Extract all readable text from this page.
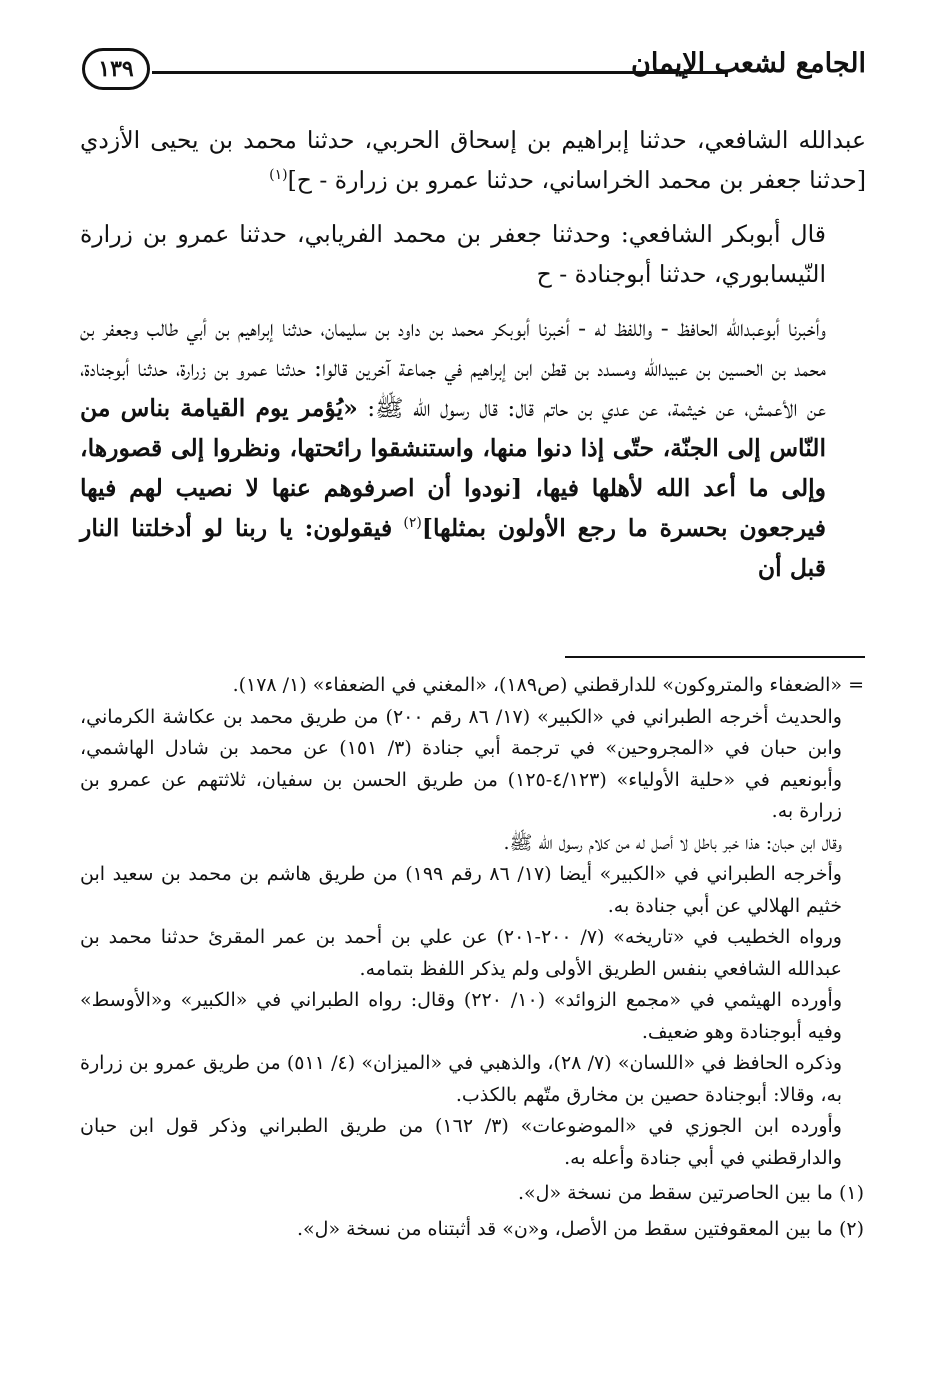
١٣٩	الجامع لشعب الإيمان

عبدالله الشافعي، حدثنا إبراهيم بن إسحاق الحربي، حدثنا محمد بن يحيى الأزدي [حدثنا جعفر بن محمد الخراساني، حدثنا عمرو بن زرارة - ح]$^{(١)}$

قال أبوبكر الشافعي: وحدثنا جعفر بن محمد الفريابي، حدثنا عمرو بن زرارة النّيسابوري، حدثنا أبوجنادة - ح

وأخبرنا أبوعبدالله الحافظ - واللفظ له - أخبرنا أبوبكر محمد بن داود بن سليمان، حدثنا إبراهيم بن أبي طالب وجعفر بن محمد بن الحسين بن عبيدالله ومسدد بن قطن ابن إبراهيم في جماعة آخرين قالوا: حدثنا عمرو بن زرارة، حدثنا أبوجنادة، عن الأعمش، عن خيثمة، عن عدي بن حاتم قال: قال رسول الله ﷺ: «يُؤمر يوم القيامة بناس من النّاس إلى الجنّة، حتّى إذا دنوا منها، واستنشقوا رائحتها، ونظروا إلى قصورها، وإلى ما أعد الله لأهلها فيها، [نودوا أن اصرفوهم عنها لا نصيب لهم فيها فيرجعون بحسرة ما رجع الأولون بمثلها]$^{(٢)}$ فيقولون: يا ربنا لو أدخلتنا النار قبل أن

= «الضعفاء والمتروكون» للدارقطني (ص١٨٩)، «المغني في الضعفاء» (١/ ١٧٨).

والحديث أخرجه الطبراني في «الكبير» (١٧/ ٨٦ رقم ٢٠٠) من طريق محمد بن عكاشة الكرماني، وابن حبان في «المجروحين» في ترجمة أبي جنادة (٣/ ١٥١) عن محمد بن شادل الهاشمي، وأبونعيم في «حلية الأولياء» (٤/١٢٣-١٢٥) من طريق الحسن بن سفيان، ثلاثتهم عن عمرو بن زرارة به.

وقال ابن حبان: هذا خبر باطل لا أصل له من كلام رسول الله ﷺ.

وأخرجه الطبراني في «الكبير» أيضا (١٧/ ٨٦ رقم ١٩٩) من طريق هاشم بن محمد بن سعيد ابن خثيم الهلالي عن أبي جنادة به.

ورواه الخطيب في «تاريخه» (٧/ ٢٠٠-٢٠١) عن علي بن أحمد بن عمر المقرئ حدثنا محمد بن عبدالله الشافعي بنفس الطريق الأولى ولم يذكر اللفظ بتمامه.

وأورده الهيثمي في «مجمع الزوائد» (١٠/ ٢٢٠) وقال: رواه الطبراني في «الكبير» و«الأوسط» وفيه أبوجنادة وهو ضعيف.

وذكره الحافظ في «اللسان» (٧/ ٢٨)، والذهبي في «الميزان» (٤/ ٥١١) من طريق عمرو بن زرارة به، وقالا: أبوجنادة حصين بن مخارق متّهم بالكذب.

وأورده ابن الجوزي في «الموضوعات» (٣/ ١٦٢) من طريق الطبراني وذكر قول ابن حبان والدارقطني في أبي جنادة وأعله به.

(١) ما بين الحاصرتين سقط من نسخة «ل».

(٢) ما بين المعقوفتين سقط من الأصل، و«ن» قد أثبتناه من نسخة «ل».
